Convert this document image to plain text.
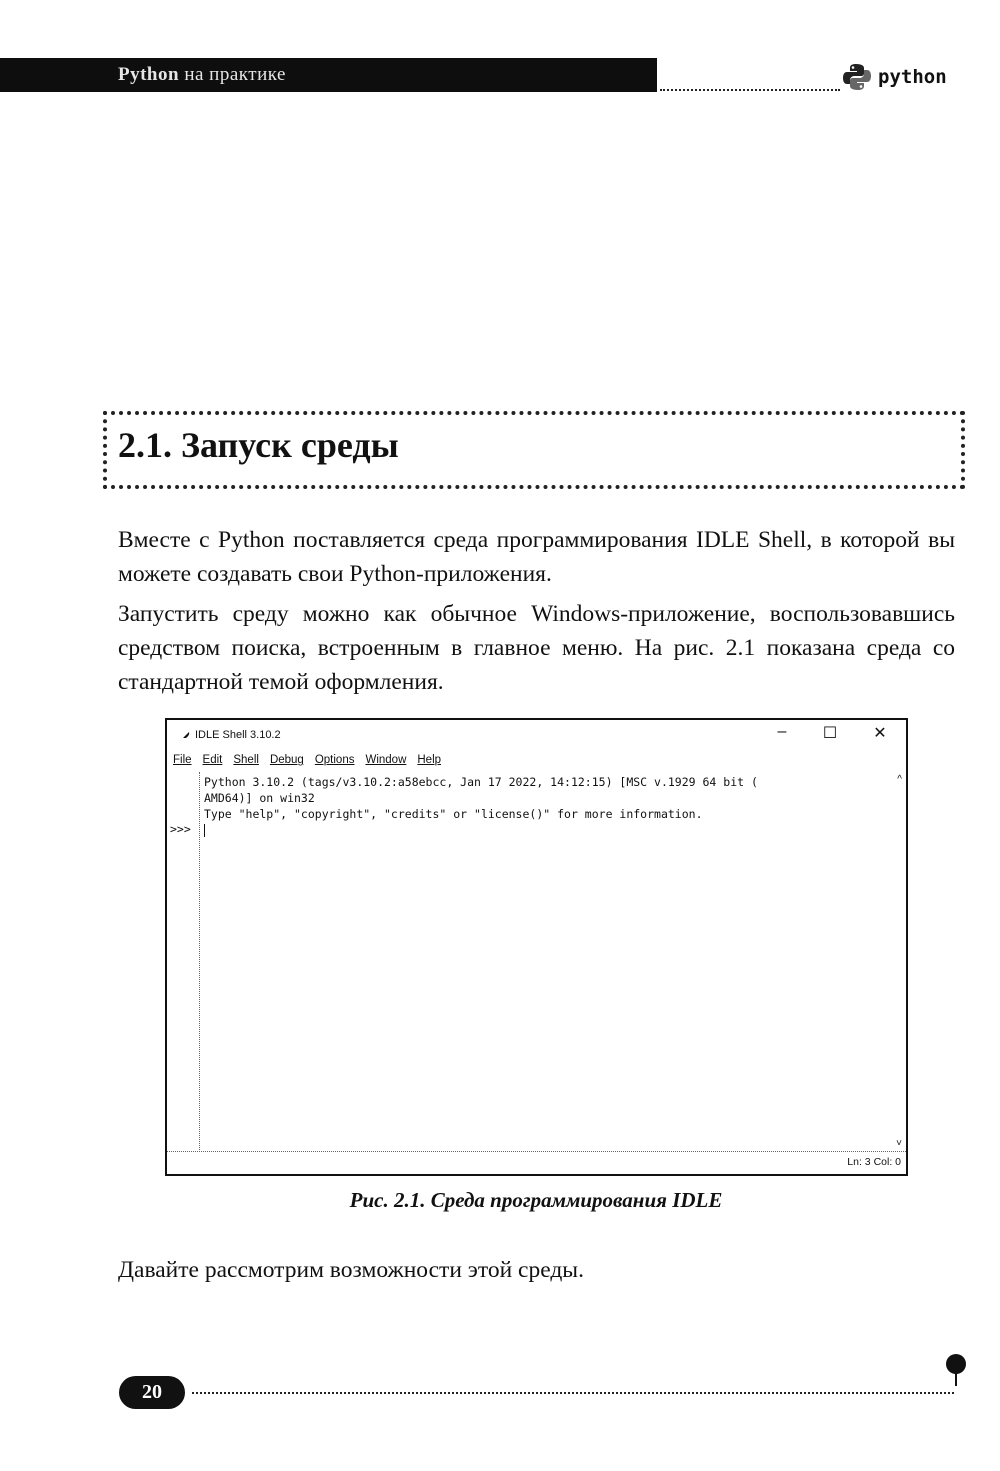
Python на практике	python
2.1. Запуск среды

Вместе с Python поставляется среда программирования IDLE Shell, в которой вы можете создавать свои Python-приложения.

Запустить среду можно как обычное Windows-приложение, воспользовавшись средством поиска, встроенным в главное меню. На рис. 2.1 показана среда со стандартной темой оформления.

IDLE Shell 3.10.2	–	☐	✕
File Edit Shell Debug Options Window Help
>>>
Python 3.10.2 (tags/v3.10.2:a58ebcc, Jan 17 2022, 14:12:15) [MSC v.1929 64 bit (
AMD64)] on win32
Type "help", "copyright", "credits" or "license()" for more information.
^
˅
Ln: 3 Col: 0
Рис. 2.1. Среда программирования IDLE

Давайте рассмотрим возможности этой среды.

20
